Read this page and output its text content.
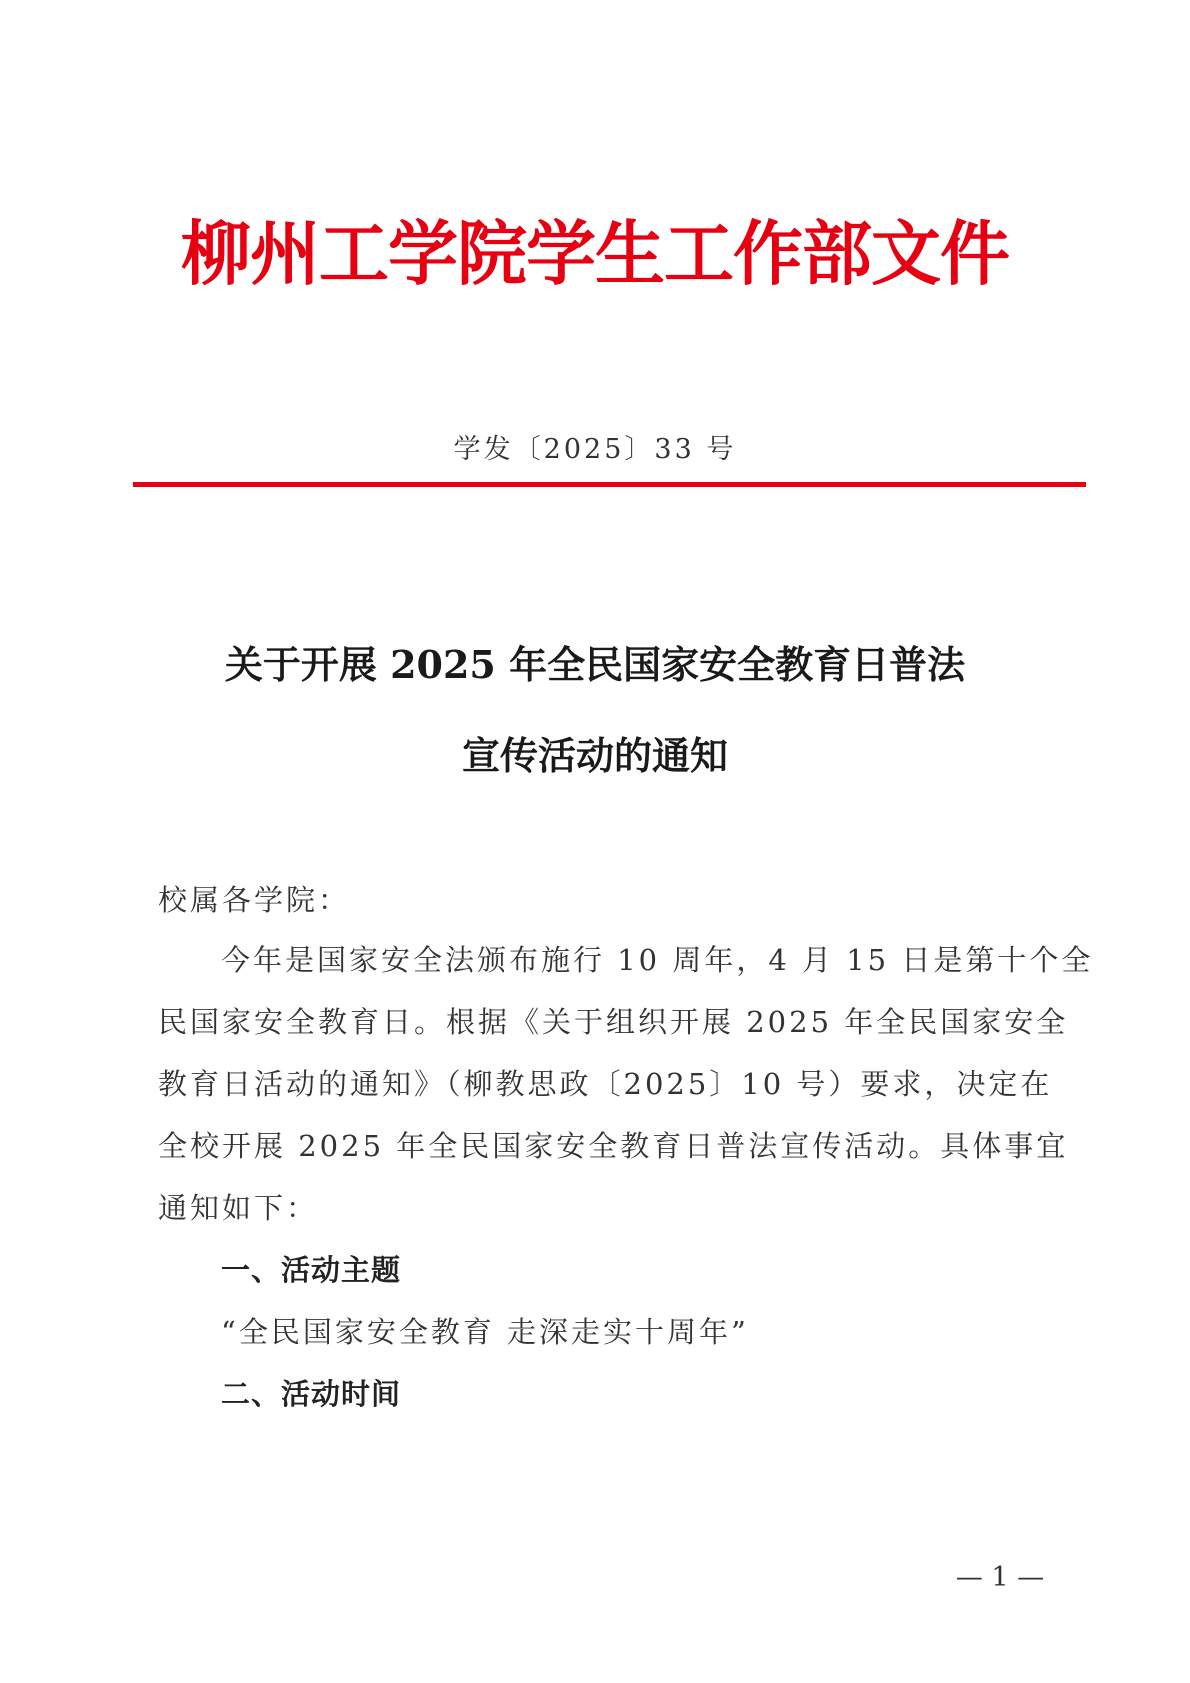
柳州工学院学生工作部文件
学发〔2025〕33 号
关于开展 2025 年全民国家安全教育日普法
宣传活动的通知
校属各学院：
今年是国家安全法颁布施行 10 周年，4 月 15 日是第十个全
民国家安全教育日。根据《关于组织开展 2025 年全民国家安全
教育日活动的通知》（柳教思政〔2025〕10 号）要求，决定在
全校开展 2025 年全民国家安全教育日普法宣传活动。具体事宜
通知如下：
一、活动主题
“全民国家安全教育 走深走实十周年”
二、活动时间
— 1 —
